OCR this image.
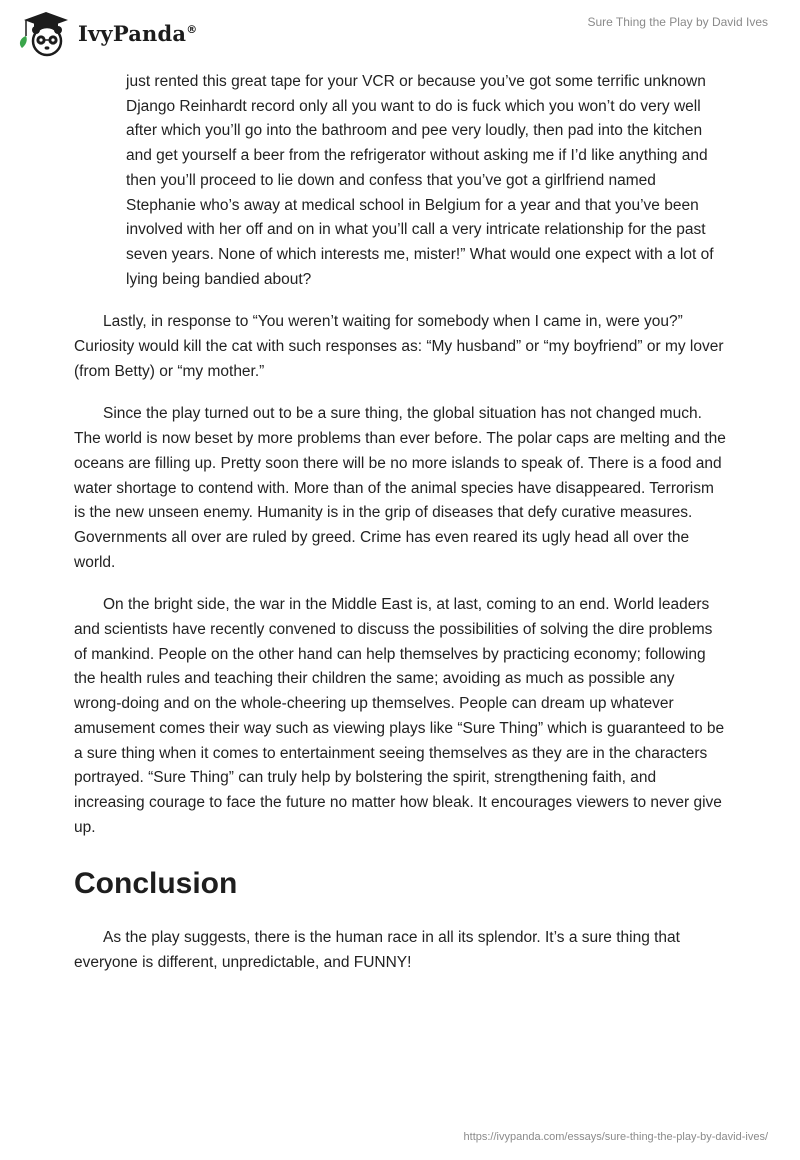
IvyPanda®	Sure Thing the Play by David Ives

just rented this great tape for your VCR or because you’ve got some terrific unknown Django Reinhardt record only all you want to do is fuck which you won’t do very well after which you’ll go into the bathroom and pee very loudly, then pad into the kitchen and get yourself a beer from the refrigerator without asking me if I’d like anything and then you’ll proceed to lie down and confess that you’ve got a girlfriend named Stephanie who’s away at medical school in Belgium for a year and that you’ve been involved with her off and on in what you’ll call a very intricate relationship for the past seven years. None of which interests me, mister!” What would one expect with a lot of lying being bandied about?

Lastly, in response to “You weren’t waiting for somebody when I came in, were you?” Curiosity would kill the cat with such responses as: “My husband” or “my boyfriend” or my lover (from Betty) or “my mother.”

Since the play turned out to be a sure thing, the global situation has not changed much. The world is now beset by more problems than ever before. The polar caps are melting and the oceans are filling up. Pretty soon there will be no more islands to speak of. There is a food and water shortage to contend with. More than of the animal species have disappeared. Terrorism is the new unseen enemy. Humanity is in the grip of diseases that defy curative measures. Governments all over are ruled by greed. Crime has even reared its ugly head all over the world.

On the bright side, the war in the Middle East is, at last, coming to an end. World leaders and scientists have recently convened to discuss the possibilities of solving the dire problems of mankind. People on the other hand can help themselves by practicing economy; following the health rules and teaching their children the same; avoiding as much as possible any wrong-doing and on the whole-cheering up themselves. People can dream up whatever amusement comes their way such as viewing plays like “Sure Thing” which is guaranteed to be a sure thing when it comes to entertainment seeing themselves as they are in the characters portrayed. “Sure Thing” can truly help by bolstering the spirit, strengthening faith, and increasing courage to face the future no matter how bleak. It encourages viewers to never give up.

Conclusion

As the play suggests, there is the human race in all its splendor. It’s a sure thing that everyone is different, unpredictable, and FUNNY!

https://ivypanda.com/essays/sure-thing-the-play-by-david-ives/
